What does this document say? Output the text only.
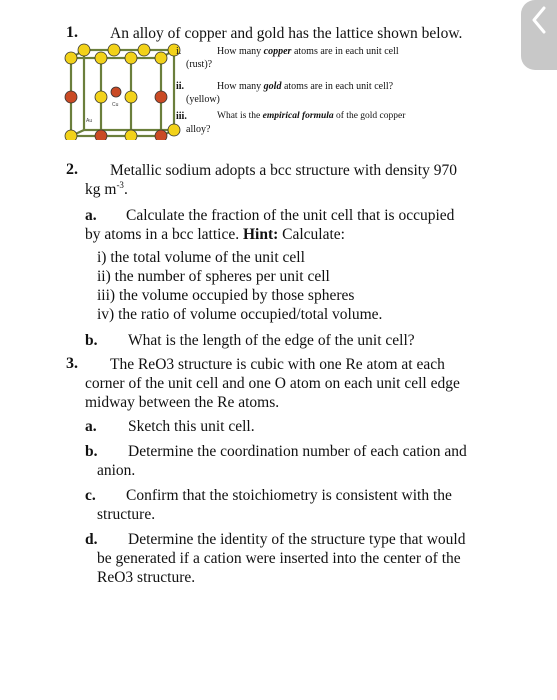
1. An alloy of copper and gold has the lattice shown below.
Cu
Au
i.	How many copper atoms are in each unit cell
(rust)?
ii.	How many gold atoms are in each unit cell?
(yellow)
iii.	What is the empirical formula of the gold copper
alloy?
2. Metallic sodium adopts a bcc structure with density 970
kg $m^{-3}$.
a. Calculate the fraction of the unit cell that is occupied
by atoms in a bcc lattice. Hint: Calculate:
i) the total volume of the unit cell
ii) the number of spheres per unit cell
iii) the volume occupied by those spheres
iv) the ratio of volume occupied/total volume.
b. What is the length of the edge of the unit cell?
3. The ReO3 structure is cubic with one Re atom at each
corner of the unit cell and one O atom on each unit cell edge
midway between the Re atoms.
a. Sketch this unit cell.
b. Determine the coordination number of each cation and
anion.
c. Confirm that the stoichiometry is consistent with the
structure.
d. Determine the identity of the structure type that would
be generated if a cation were inserted into the center of the
ReO3 structure.
